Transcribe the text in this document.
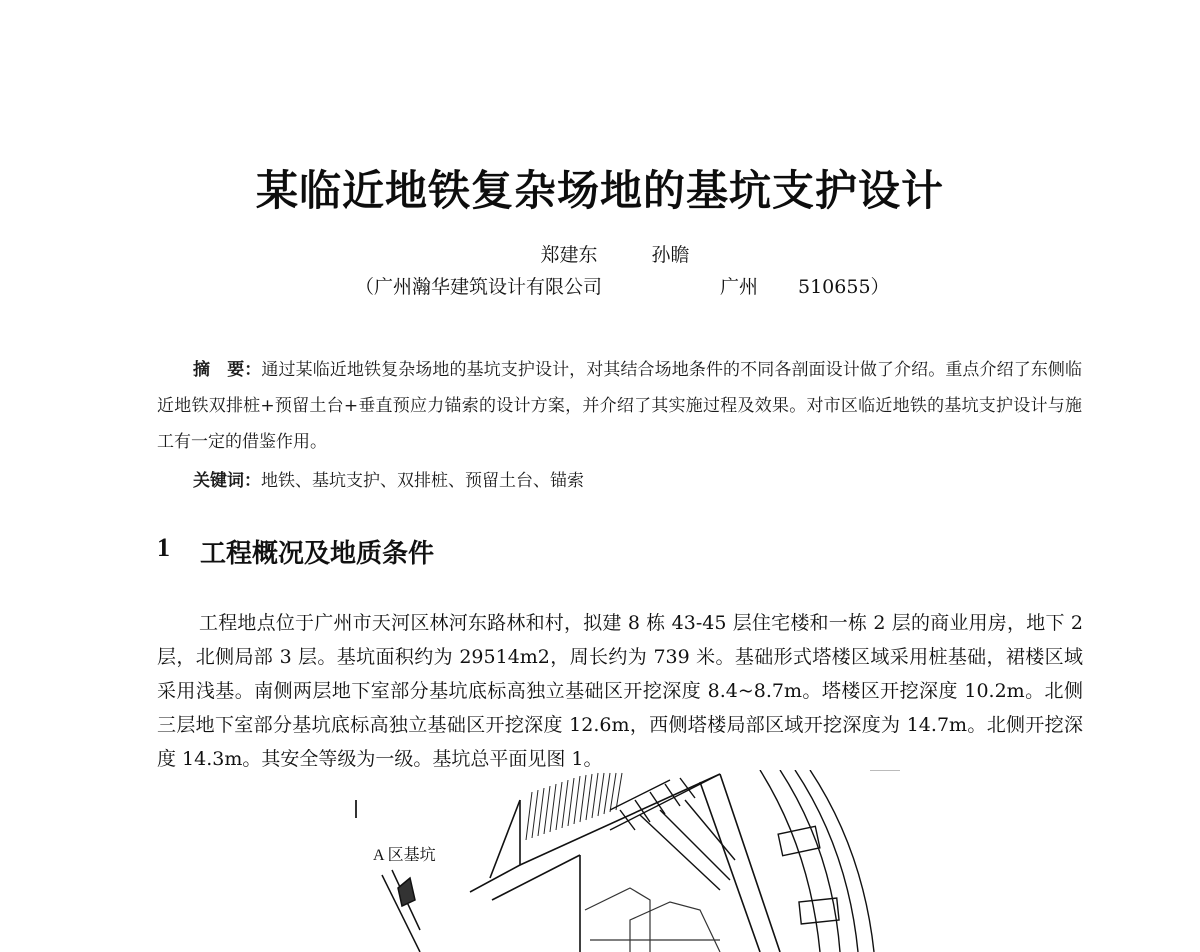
某临近地铁复杂场地的基坑支护设计
郑建东	孙瞻
（广州瀚华建筑设计有限公司	广州 510655）
摘　要：通过某临近地铁复杂场地的基坑支护设计，对其结合场地条件的不同各剖面设计做了介绍。重点介绍了东侧临近地铁双排桩+预留土台+垂直预应力锚索的设计方案，并介绍了其实施过程及效果。对市区临近地铁的基坑支护设计与施工有一定的借鉴作用。
关键词：地铁、基坑支护、双排桩、预留土台、锚索
1 工程概况及地质条件
工程地点位于广州市天河区林河东路林和村，拟建 8 栋 43-45 层住宅楼和一栋 2 层的商业用房，地下 2 层，北侧局部 3 层。基坑面积约为 29514m2，周长约为 739 米。基础形式塔楼区域采用桩基础，裙楼区域采用浅基。南侧两层地下室部分基坑底标高独立基础区开挖深度 8.4~8.7m。塔楼区开挖深度 10.2m。北侧三层地下室部分基坑底标高独立基础区开挖深度 12.6m，西侧塔楼局部区域开挖深度为 14.7m。北侧开挖深度 14.3m。其安全等级为一级。基坑总平面见图 1。
A 区基坑
